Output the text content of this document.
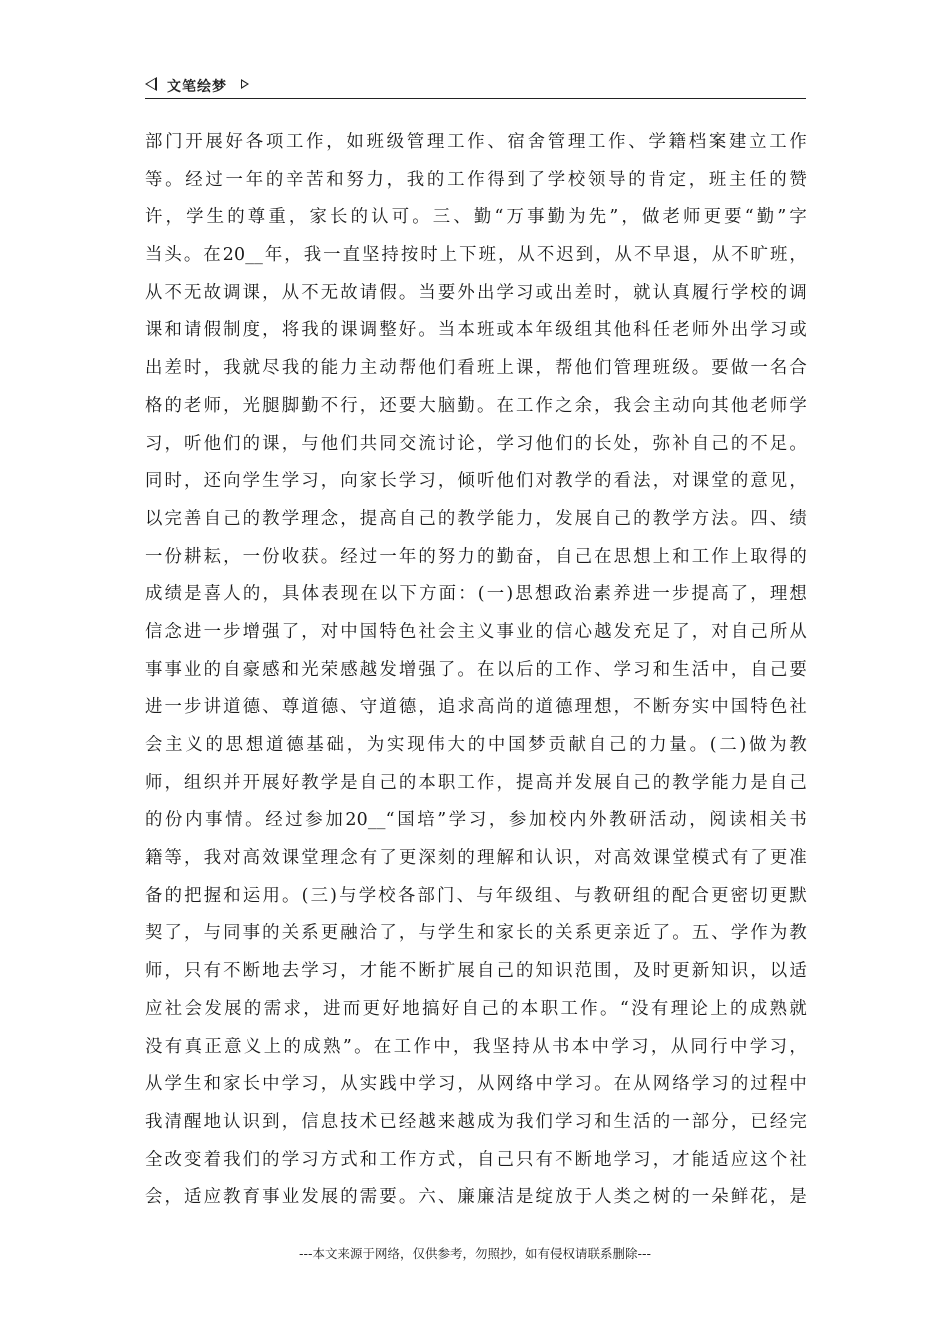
文笔绘梦
部门开展好各项工作，如班级管理工作、宿舍管理工作、学籍档案建立工作
等。经过一年的辛苦和努力，我的工作得到了学校领导的肯定，班主任的赞
许，学生的尊重，家长的认可。三、勤“万事勤为先”，做老师更要“勤”字
当头。在20__年，我一直坚持按时上下班，从不迟到，从不早退，从不旷班，
从不无故调课，从不无故请假。当要外出学习或出差时，就认真履行学校的调
课和请假制度，将我的课调整好。当本班或本年级组其他科任老师外出学习或
出差时，我就尽我的能力主动帮他们看班上课，帮他们管理班级。要做一名合
格的老师，光腿脚勤不行，还要大脑勤。在工作之余，我会主动向其他老师学
习，听他们的课，与他们共同交流讨论，学习他们的长处，弥补自己的不足。
同时，还向学生学习，向家长学习，倾听他们对教学的看法，对课堂的意见，
以完善自己的教学理念，提高自己的教学能力，发展自己的教学方法。四、绩
一份耕耘，一份收获。经过一年的努力的勤奋，自己在思想上和工作上取得的
成绩是喜人的，具体表现在以下方面：(一)思想政治素养进一步提高了，理想
信念进一步增强了，对中国特色社会主义事业的信心越发充足了，对自己所从
事事业的自豪感和光荣感越发增强了。在以后的工作、学习和生活中，自己要
进一步讲道德、尊道德、守道德，追求高尚的道德理想，不断夯实中国特色社
会主义的思想道德基础，为实现伟大的中国梦贡献自己的力量。(二)做为教
师，组织并开展好教学是自己的本职工作，提高并发展自己的教学能力是自己
的份内事情。经过参加20__“国培”学习，参加校内外教研活动，阅读相关书
籍等，我对高效课堂理念有了更深刻的理解和认识，对高效课堂模式有了更准
备的把握和运用。(三)与学校各部门、与年级组、与教研组的配合更密切更默
契了，与同事的关系更融洽了，与学生和家长的关系更亲近了。五、学作为教
师，只有不断地去学习，才能不断扩展自己的知识范围，及时更新知识，以适
应社会发展的需求，进而更好地搞好自己的本职工作。“没有理论上的成熟就
没有真正意义上的成熟”。在工作中，我坚持从书本中学习，从同行中学习，
从学生和家长中学习，从实践中学习，从网络中学习。在从网络学习的过程中
我清醒地认识到，信息技术已经越来越成为我们学习和生活的一部分，已经完
全改变着我们的学习方式和工作方式，自己只有不断地学习，才能适应这个社
会，适应教育事业发展的需要。六、廉廉洁是绽放于人类之树的一朵鲜花，是
---本文来源于网络，仅供参考，勿照抄，如有侵权请联系删除---
